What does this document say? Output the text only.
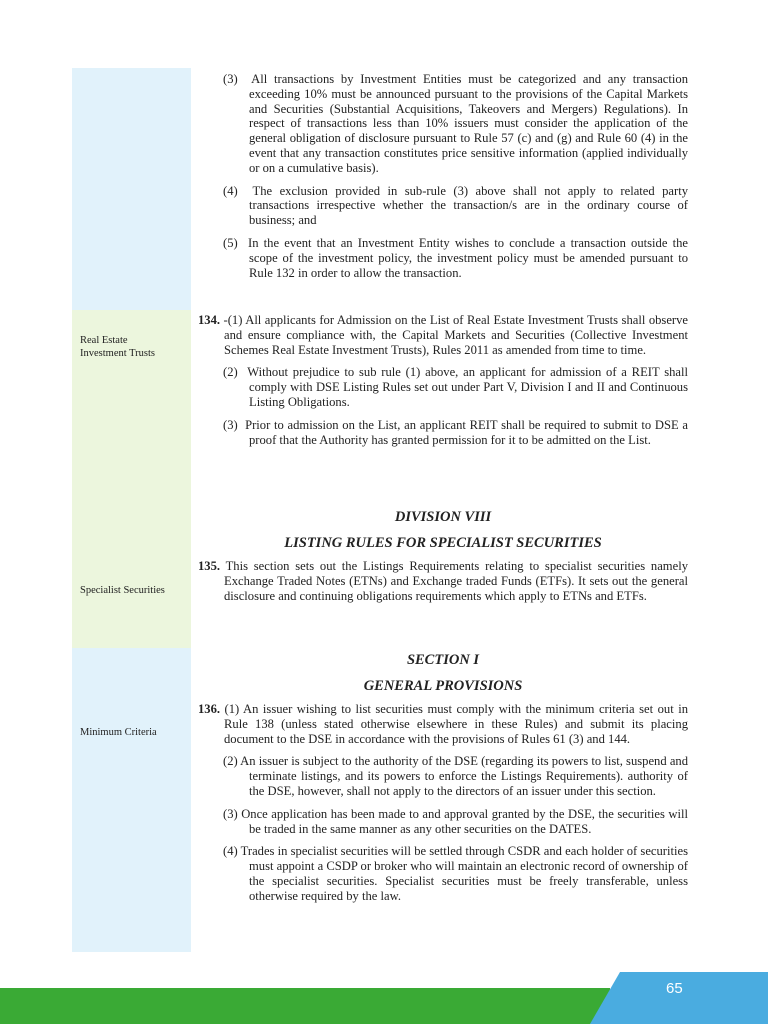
Real Estate Investment Trusts
Specialist Securities
Minimum Criteria

(3)  All transactions by Investment Entities must be categorized and any transaction exceeding 10% must be announced pursuant to the provisions of the Capital Markets and Securities (Substantial Acquisitions, Takeovers and Mergers) Regulations). In respect of transactions less than 10% issuers must consider the application of the general obligation of disclosure pursuant to Rule 57 (c) and (g) and Rule 60 (4) in the event that any transaction constitutes price sensitive information (applied individually or on a cumulative basis).

(4)  The exclusion provided in sub-rule (3) above shall not apply to related party transactions irrespective whether the transaction/s are in the ordinary course of business; and

(5)  In the event that an Investment Entity wishes to conclude a transaction outside the scope of the investment policy, the investment policy must be amended pursuant to Rule 132 in order to allow the transaction.

134. -(1) All applicants for Admission on the List of Real Estate Investment Trusts shall observe and ensure compliance with, the Capital Markets and Securities (Collective Investment Schemes Real Estate Investment Trusts), Rules 2011 as amended from time to time.

(2)  Without prejudice to sub rule (1) above, an applicant for admission of a REIT shall comply with DSE Listing Rules set out under Part V, Division I and II and Continuous Listing Obligations.

(3)  Prior to admission on the List, an applicant REIT shall be required to submit to DSE a proof that the Authority has granted permission for it to be admitted on the List.

DIVISION VIII
LISTING RULES FOR SPECIALIST SECURITIES

135. This section sets out the Listings Requirements relating to specialist securities namely Exchange Traded Notes (ETNs) and Exchange traded Funds (ETFs). It sets out the general disclosure and continuing obligations requirements which apply to ETNs and ETFs.

SECTION I
GENERAL PROVISIONS

136. (1) An issuer wishing to list securities must comply with the minimum criteria set out in Rule 138 (unless stated otherwise elsewhere in these Rules) and submit its placing document to the DSE in accordance with the provisions of Rules 61 (3) and 144.

(2) An issuer is subject to the authority of the DSE (regarding its powers to list, suspend and terminate listings, and its powers to enforce the Listings Requirements). authority of the DSE, however, shall not apply to the directors of an issuer under this section.

(3) Once application has been made to and approval granted by the DSE, the securities will be traded in the same manner as any other securities on the DATES.

(4) Trades in specialist securities will be settled through CSDR and each holder of securities must appoint a CSDP or broker who will maintain an electronic record of ownership of the specialist securities. Specialist securities must be freely transferable, unless otherwise required by the law.

65
